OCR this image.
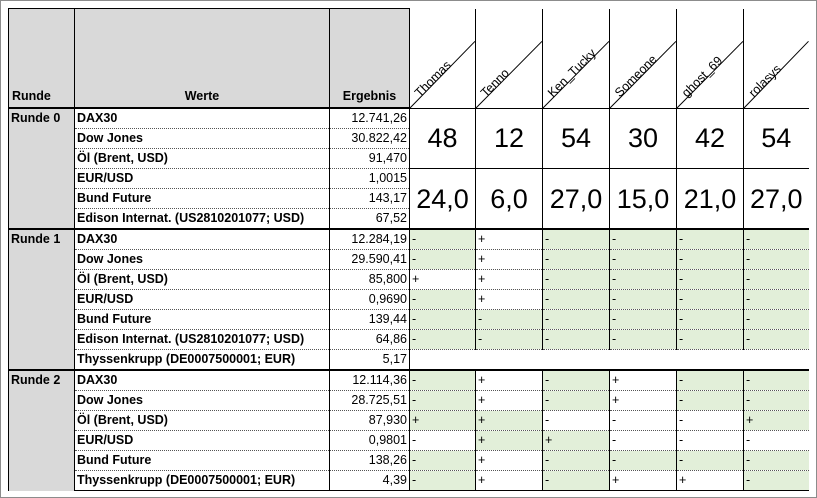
Runde	Werte	Ergebnis	Thomas	Tenno	Ken_Tucky	Someone	ghost_69	rolasys

Runde 0	DAX30	12.741,26	48	12	54	30	42	54
	Dow Jones	30.822,42						
	Öl (Brent, USD)	91,470						
	EUR/USD	1,0015	24,0	6,0	27,0	15,0	21,0	27,0
	Bund Future	143,17						
	Edison Internat. (US2810201077; USD)	67,52						
Runde 1	DAX30	12.284,19	-	+	-	-	-	-
	Dow Jones	29.590,41	-	+	-	-	-	-
	Öl (Brent, USD)	85,800	+	+	-	-	-	-
	EUR/USD	0,9690	-	+	-	-	-	-
	Bund Future	139,44	-	-	-	-	-	-
	Edison Internat. (US2810201077; USD)	64,86	-	-	-	-	-	-
	Thyssenkrupp (DE0007500001; EUR)	5,17						
Runde 2	DAX30	12.114,36	-	+	-	+	-	-
	Dow Jones	28.725,51	-	+	-	+	-	-
	Öl (Brent, USD)	87,930	+	+	-	-	-	+
	EUR/USD	0,9801	-	+	+	-	-	-
	Bund Future	138,26	-	+	-	-	-	-
	Thyssenkrupp (DE0007500001; EUR)	4,39	-	+	-	+	+	-
